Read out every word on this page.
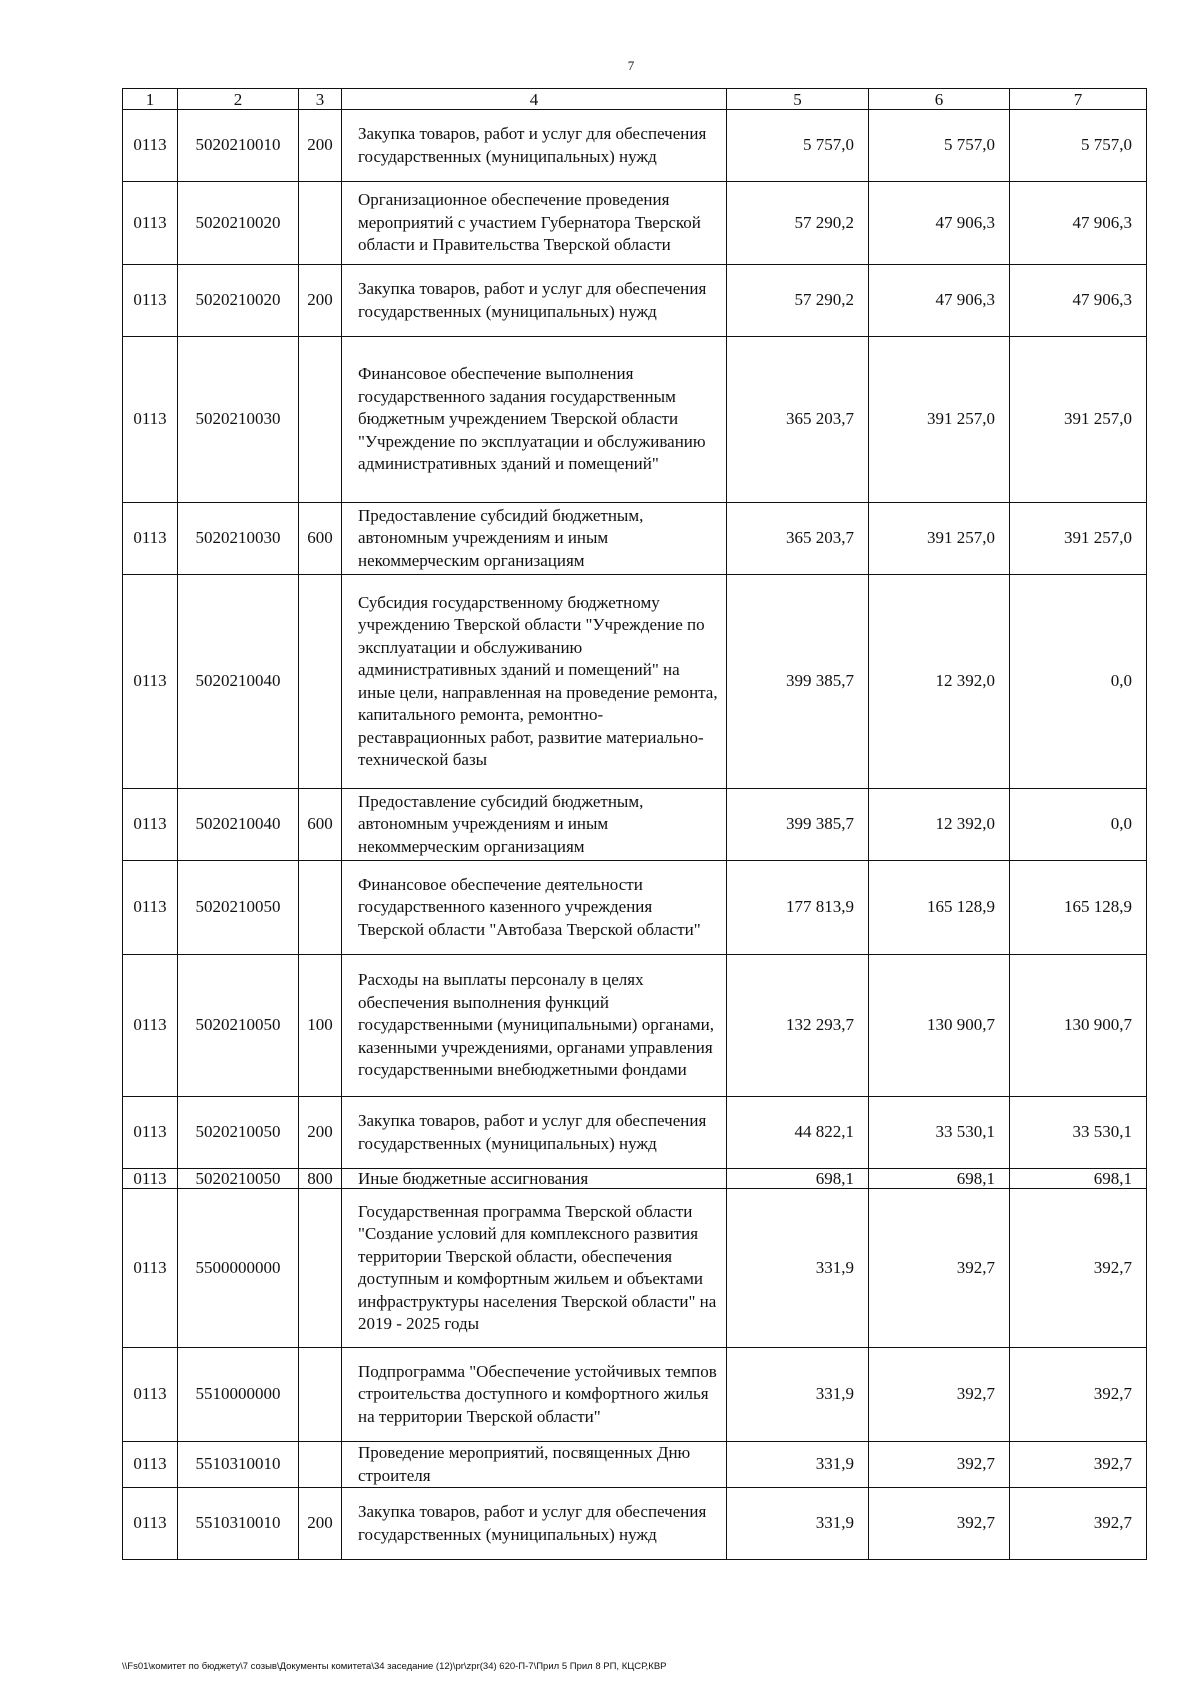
7
1	2	3	4	5	6	7
0113	5020210010	200	Закупка товаров, работ и услуг для обеспечения государственных (муниципальных) нужд	5 757,0	5 757,0	5 757,0
0113	5020210020		Организационное обеспечение проведения мероприятий с участием Губернатора Тверской области и Правительства Тверской области	57 290,2	47 906,3	47 906,3
0113	5020210020	200	Закупка товаров, работ и услуг для обеспечения государственных (муниципальных) нужд	57 290,2	47 906,3	47 906,3
0113	5020210030		Финансовое обеспечение выполнения государственного задания государственным бюджетным учреждением Тверской области "Учреждение по эксплуатации и обслуживанию административных зданий и помещений"	365 203,7	391 257,0	391 257,0
0113	5020210030	600	Предоставление субсидий бюджетным, автономным учреждениям и иным некоммерческим организациям	365 203,7	391 257,0	391 257,0
0113	5020210040		Субсидия государственному бюджетному учреждению Тверской области "Учреждение по эксплуатации и обслуживанию административных зданий и помещений" на иные цели, направленная на проведение ремонта, капитального ремонта, ремонтно-реставрационных работ, развитие материально-технической базы	399 385,7	12 392,0	0,0
0113	5020210040	600	Предоставление субсидий бюджетным, автономным учреждениям и иным некоммерческим организациям	399 385,7	12 392,0	0,0
0113	5020210050		Финансовое обеспечение деятельности государственного казенного учреждения Тверской области "Автобаза Тверской области"	177 813,9	165 128,9	165 128,9
0113	5020210050	100	Расходы на выплаты персоналу в целях обеспечения выполнения функций государственными (муниципальными) органами, казенными учреждениями, органами управления государственными внебюджетными фондами	132 293,7	130 900,7	130 900,7
0113	5020210050	200	Закупка товаров, работ и услуг для обеспечения государственных (муниципальных) нужд	44 822,1	33 530,1	33 530,1
0113	5020210050	800	Иные бюджетные ассигнования	698,1	698,1	698,1
0113	5500000000		Государственная программа Тверской области "Создание условий для комплексного развития территории Тверской области, обеспечения доступным и комфортным жильем и объектами инфраструктуры населения Тверской области" на 2019 - 2025 годы	331,9	392,7	392,7
0113	5510000000		Подпрограмма "Обеспечение устойчивых темпов строительства доступного и комфортного жилья на территории Тверской области"	331,9	392,7	392,7
0113	5510310010		Проведение мероприятий, посвященных Дню строителя	331,9	392,7	392,7
0113	5510310010	200	Закупка товаров, работ и услуг для обеспечения государственных (муниципальных) нужд	331,9	392,7	392,7
\\Fs01\комитет по бюджету\7 созыв\Документы комитета\34 заседание (12)\pr\zpr(34) 620-П-7\Прил 5 Прил 8 РП, КЦСР,КВР
